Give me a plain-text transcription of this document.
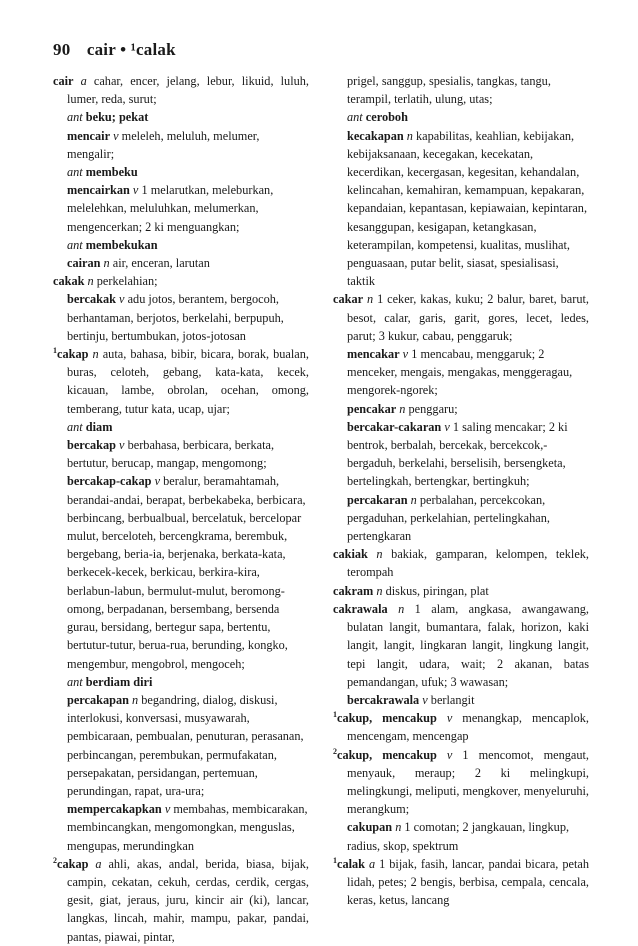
90 cair • ¹calak
cair a cahar, encer, jelang, lebur, likuid, luluh, lumer, reda, surut;
ant beku; pekat
mencair v meleleh, meluluh, melumer, mengalir;
ant membeku
mencairkan v 1 melarutkan, meleburkan, melelehkan, meluluhkan, melumerkan, mengencerkan; 2 ki menguangkan;
ant membekukan
cairan n air, enceran, larutan
cakak n perkelahian;
bercakak v adu jotos, berantem, bergocoh, berhantaman, berjotos, berkelahi, berpupuh, bertinju, bertumbukan, jotos-jotosan
$^1$cakap n auta, bahasa, bibir, bicara, borak, bualan, buras, celoteh, gebang, kata-kata, kecek, kicauan, lambe, obrolan, ocehan, omong, temberang, tutur kata, ucap, ujar;
ant diam
bercakap v berbahasa, berbicara, berkata, bertutur, berucap, mangap, mengomong;
bercakap-cakap v beralur, beramahtamah, berandai-andai, berapat, berbekabeka, berbicara, berbincang, berbualbual, bercelatuk, bercelopar mulut, berceloteh, bercengkrama, berembuk, bergebang, beria-ia, berjenaka, berkata-kata, berkecek-kecek, berkicau, berkira-kira, berlabun-labun, bermulut-mulut, beromong-omong, berpadanan, bersembang, bersenda gurau, bersidang, bertegur sapa, bertentu, bertutur-tutur, berua-rua, berunding, kongko, mengembur, mengobrol, mengoceh;
ant berdiam diri
percakapan n begandring, dialog, diskusi, interlokusi, konversasi, musyawarah, pembicaraan, pembualan, penuturan, perasanan, perbincangan, perembukan, permufakatan, persepakatan, persidangan, pertemuan, perundingan, rapat, ura-ura;
mempercakapkan v membahas, membicarakan, membincangkan, mengomongkan, menguslas, mengupas, merundingkan
$^2$cakap a ahli, akas, andal, berida, biasa, bijak, campin, cekatan, cekuh, cerdas, cerdik, cergas, gesit, giat, jeraus, juru, kincir air (ki), lancar, langkas, lincah, mahir, mampu, pakar, pandai, pantas, piawai, pintar,
prigel, sanggup, spesialis, tangkas, tangu, terampil, terlatih, ulung, utas;
ant ceroboh
kecakapan n kapabilitas, keahlian, kebijakan, kebijaksanaan, kecegakan, kecekatan, kecerdikan, kecergasan, kegesitan, kehandalan, kelincahan, kemahiran, kemampuan, kepakaran, kepandaian, kepantasan, kepiawaian, kepintaran, kesanggupan, kesigapan, ketangkasan, keterampilan, kompetensi, kualitas, muslihat, penguasaan, putar belit, siasat, spesialisasi, taktik
cakar n 1 ceker, kakas, kuku; 2 balur, baret, barut, besot, calar, garis, garit, gores, lecet, ledes, parut; 3 kukur, cabau, penggaruk;
mencakar v 1 mencabau, menggaruk; 2 menceker, mengais, mengakas, menggeragau, mengorek-ngorek;
pencakar n penggaru;
bercakar-cakaran v 1 saling mencakar; 2 ki bentrok, berbalah, bercekak, bercekcok,-bergaduh, berkelahi, berselisih, bersengketa, bertelingkah, bertengkar, bertingkuh;
percakaran n perbalahan, percekcokan, pergaduhan, perkelahian, pertelingkahan, pertengkaran
cakiak n bakiak, gamparan, kelompen, teklek, terompah
cakram n diskus, piringan, plat
cakrawala n 1 alam, angkasa, awangawang, bulatan langit, bumantara, falak, horizon, kaki langit, langit, lingkaran langit, lingkung langit, tepi langit, udara, wait; 2 akanan, batas pemandangan, ufuk; 3 wawasan;
bercakrawala v berlangit
$^1$cakup, mencakup v menangkap, mencaplok, mencengam, mencengap
$^2$cakup, mencakup v 1 mencomot, mengaut, menyauk, meraup; 2 ki melingkupi, melingkungi, meliputi, mengkover, menyeluruhi, merangkum;
cakupan n 1 comotan; 2 jangkauan, lingkup, radius, skop, spektrum
$^1$calak a 1 bijak, fasih, lancar, pandai bicara, petah lidah, petes; 2 bengis, berbisa, cempala, cencala, keras, ketus, lancang
